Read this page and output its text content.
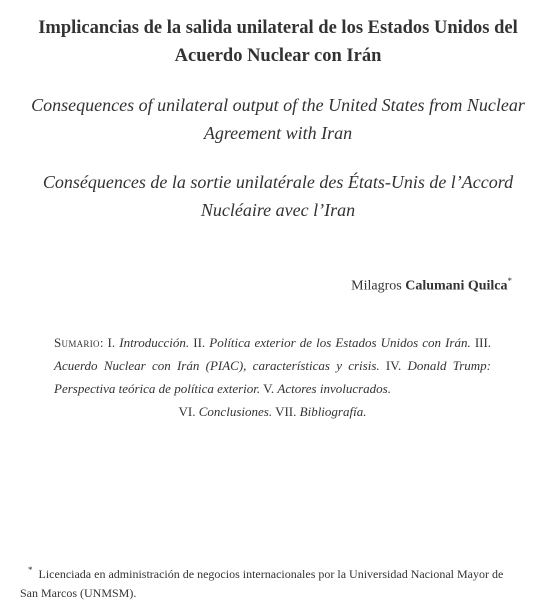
Implicancias de la salida unilateral de los Estados Unidos del Acuerdo Nuclear con Irán
Consequences of unilateral output of the United States from Nuclear Agreement with Iran
Conséquences de la sortie unilatérale des États-Unis de l’Accord Nucléaire avec l’Iran
Milagros Calumani Quilca*
Sumario: I. Introducción. II. Política exterior de los Estados Unidos con Irán. III. Acuerdo Nuclear con Irán (PIAC), características y crisis. IV. Donald Trump: Perspectiva teórica de política exterior. V. Actores involucrados.
VI. Conclusiones. VII. Bibliografía.
* Licenciada en administración de negocios internacionales por la Universidad Nacional Mayor de San Marcos (UNMSM).
